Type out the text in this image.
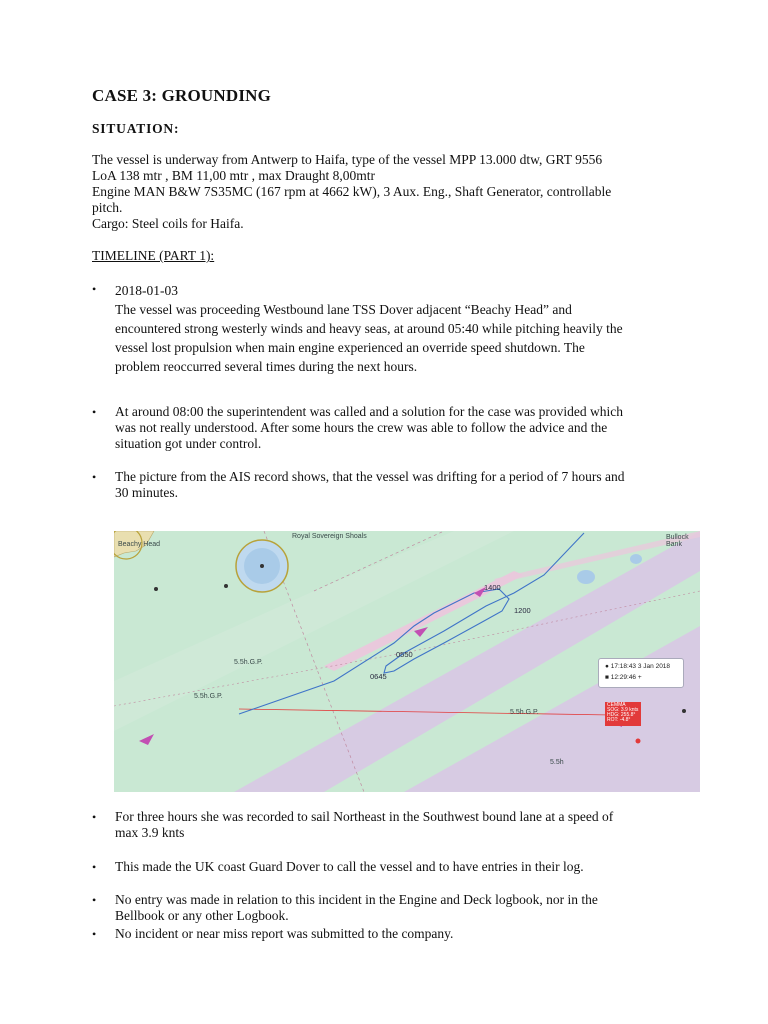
CASE 3: GROUNDING
SITUATION:
The vessel is underway from Antwerp to Haifa, type of the vessel MPP 13.000 dtw, GRT 9556
LoA 138 mtr , BM 11,00 mtr , max Draught 8,00mtr
Engine MAN B&W 7S35MC (167 rpm at 4662 kW), 3 Aux. Eng., Shaft Generator, controllable
pitch.
Cargo: Steel coils for Haifa.
TIMELINE (PART 1):
• 2018-01-03
The vessel was proceeding Westbound lane TSS Dover adjacent “Beachy Head” and
encountered strong westerly winds and heavy seas, at around 05:40 while pitching heavily the
vessel lost propulsion when main engine experienced an override speed shutdown. The
problem reoccurred several times during the next hours.
• At around 08:00 the superintendent was called and a solution for the case was provided which
was not really understood. After some hours the crew was able to follow the advice and the
situation got under control.
• The picture from the AIS record shows, that the vessel was drifting for a period of 7 hours and
30 minutes.
Beachy Head
Royal Sovereign Shoals	Bullock Bank
5.5h.G.P.
5.5h.G.P.
5.5h.G.P.
5.5h
1400
1200
0550
0645
● 17:18:43 3 Jan 2018
■ 12:29:46 +
CEMMA
SOG: 3.9 knts
HDG: 255.8°
ROT: -4.8°
• For three hours she was recorded to sail Northeast in the Southwest bound lane at a speed of
max 3.9 knts
• This made the UK coast Guard Dover to call the vessel and to have entries in their log.
• No entry was made in relation to this incident in the Engine and Deck logbook, nor in the
Bellbook or any other Logbook.
• No incident or near miss report was submitted to the company.
